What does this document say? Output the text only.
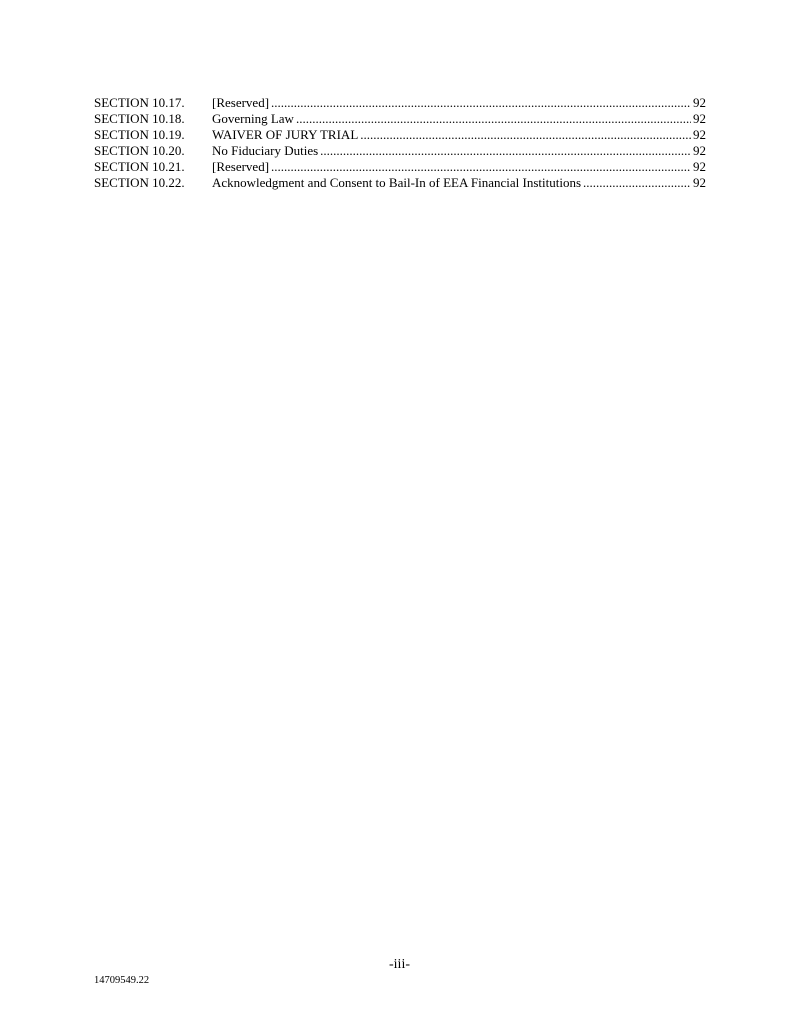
SECTION 10.17.	[Reserved] .....	92
SECTION 10.18.	Governing Law .....	92
SECTION 10.19.	WAIVER OF JURY TRIAL .....	92
SECTION 10.20.	No Fiduciary Duties .....	92
SECTION 10.21.	[Reserved] .....	92
SECTION 10.22.	Acknowledgment and Consent to Bail-In of EEA Financial Institutions .....	92
-iii-
14709549.22
